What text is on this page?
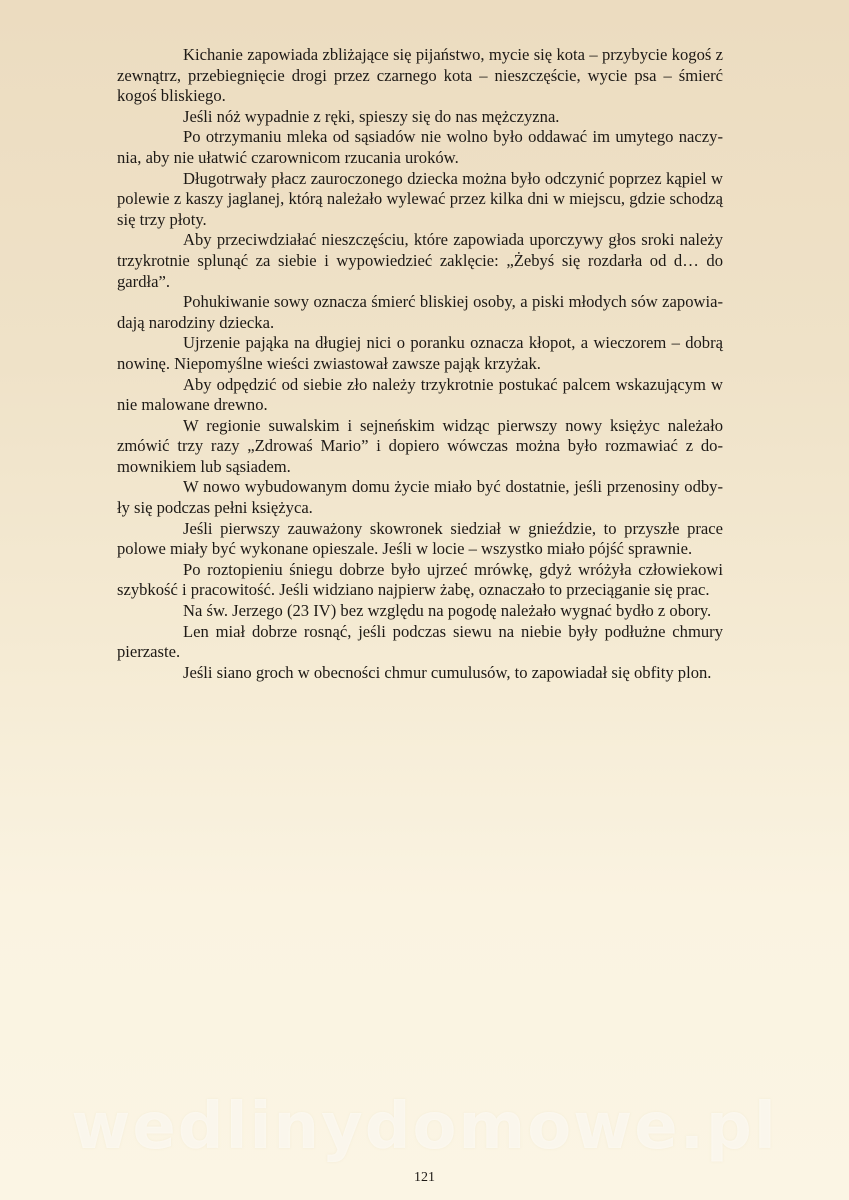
Kichanie zapowiada zbliżające się pijaństwo, mycie się kota – przybycie kogoś z zewnątrz, przebiegnięcie drogi przez czarnego kota – nieszczęście, wycie psa – śmierć kogoś bliskiego.

Jeśli nóż wypadnie z ręki, spieszy się do nas mężczyzna.

Po otrzymaniu mleka od sąsiadów nie wolno było oddawać im umytego naczynia, aby nie ułatwić czarownicom rzucania uroków.

Długotrwały płacz zauroczonego dziecka można było odczynić poprzez kąpiel w polewie z kaszy jaglanej, którą należało wylewać przez kilka dni w miejscu, gdzie schodzą się trzy płoty.

Aby przeciwdziałać nieszczęściu, które zapowiada uporczywy głos sroki należy trzykrotnie splunąć za siebie i wypowiedzieć zaklęcie: „Żebyś się rozdarła od d… do gardła”.

Pohukiwanie sowy oznacza śmierć bliskiej osoby, a piski młodych sów zapowiadają narodziny dziecka.

Ujrzenie pająka na długiej nici o poranku oznacza kłopot, a wieczorem – dobrą nowinę. Niepomyślne wieści zwiastował zawsze pająk krzyżak.

Aby odpędzić od siebie zło należy trzykrotnie postukać palcem wskazującym w nie malowane drewno.

W regionie suwalskim i sejneńskim widząc pierwszy nowy księżyc należało zmówić trzy razy „Zdrowaś Mario” i dopiero wówczas można było rozmawiać z domownikiem lub sąsiadem.

W nowo wybudowanym domu życie miało być dostatnie, jeśli przenosiny odbyły się podczas pełni księżyca.

Jeśli pierwszy zauważony skowronek siedział w gnieździe, to przyszłe prace polowe miały być wykonane opieszale. Jeśli w locie – wszystko miało pójść sprawnie.

Po roztopieniu śniegu dobrze było ujrzeć mrówkę, gdyż wróżyła człowiekowi szybkość i pracowitość. Jeśli widziano najpierw żabę, oznaczało to przeciąganie się prac.

Na św. Jerzego (23 IV) bez względu na pogodę należało wygnać bydło z obory.

Len miał dobrze rosnąć, jeśli podczas siewu na niebie były podłużne chmury pierzaste.

Jeśli siano groch w obecności chmur cumulusów, to zapowiadał się obfity plon.

wedlinydomowe.pl
121
